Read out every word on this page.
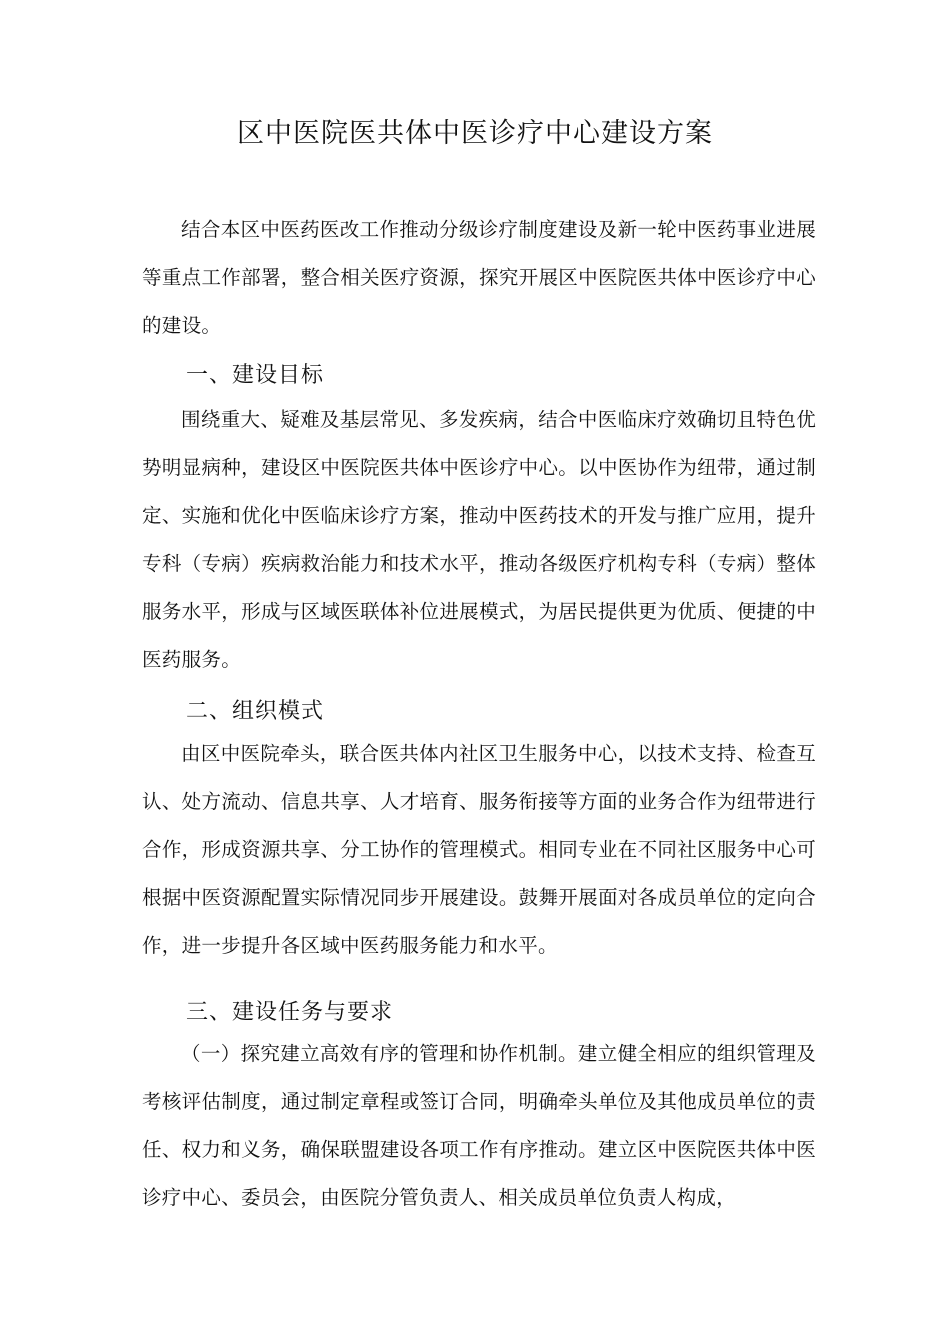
区中医院医共体中医诊疗中心建设方案

结合本区中医药医改工作推动分级诊疗制度建设及新一轮中医药事业进展等重点工作部署，整合相关医疗资源，探究开展区中医院医共体中医诊疗中心的建设。

一、建设目标

围绕重大、疑难及基层常见、多发疾病，结合中医临床疗效确切且特色优势明显病种，建设区中医院医共体中医诊疗中心。以中医协作为纽带，通过制定、实施和优化中医临床诊疗方案，推动中医药技术的开发与推广应用，提升专科（专病）疾病救治能力和技术水平，推动各级医疗机构专科（专病）整体服务水平，形成与区域医联体补位进展模式，为居民提供更为优质、便捷的中医药服务。

二、组织模式

由区中医院牵头，联合医共体内社区卫生服务中心，以技术支持、检查互认、处方流动、信息共享、人才培育、服务衔接等方面的业务合作为纽带进行合作，形成资源共享、分工协作的管理模式。相同专业在不同社区服务中心可根据中医资源配置实际情况同步开展建设。鼓舞开展面对各成员单位的定向合作，进一步提升各区域中医药服务能力和水平。

三、建设任务与要求

（一）探究建立高效有序的管理和协作机制。建立健全相应的组织管理及考核评估制度，通过制定章程或签订合同，明确牵头单位及其他成员单位的责任、权力和义务，确保联盟建设各项工作有序推动。建立区中医院医共体中医诊疗中心、委员会，由医院分管负责人、相关成员单位负责人构成，
